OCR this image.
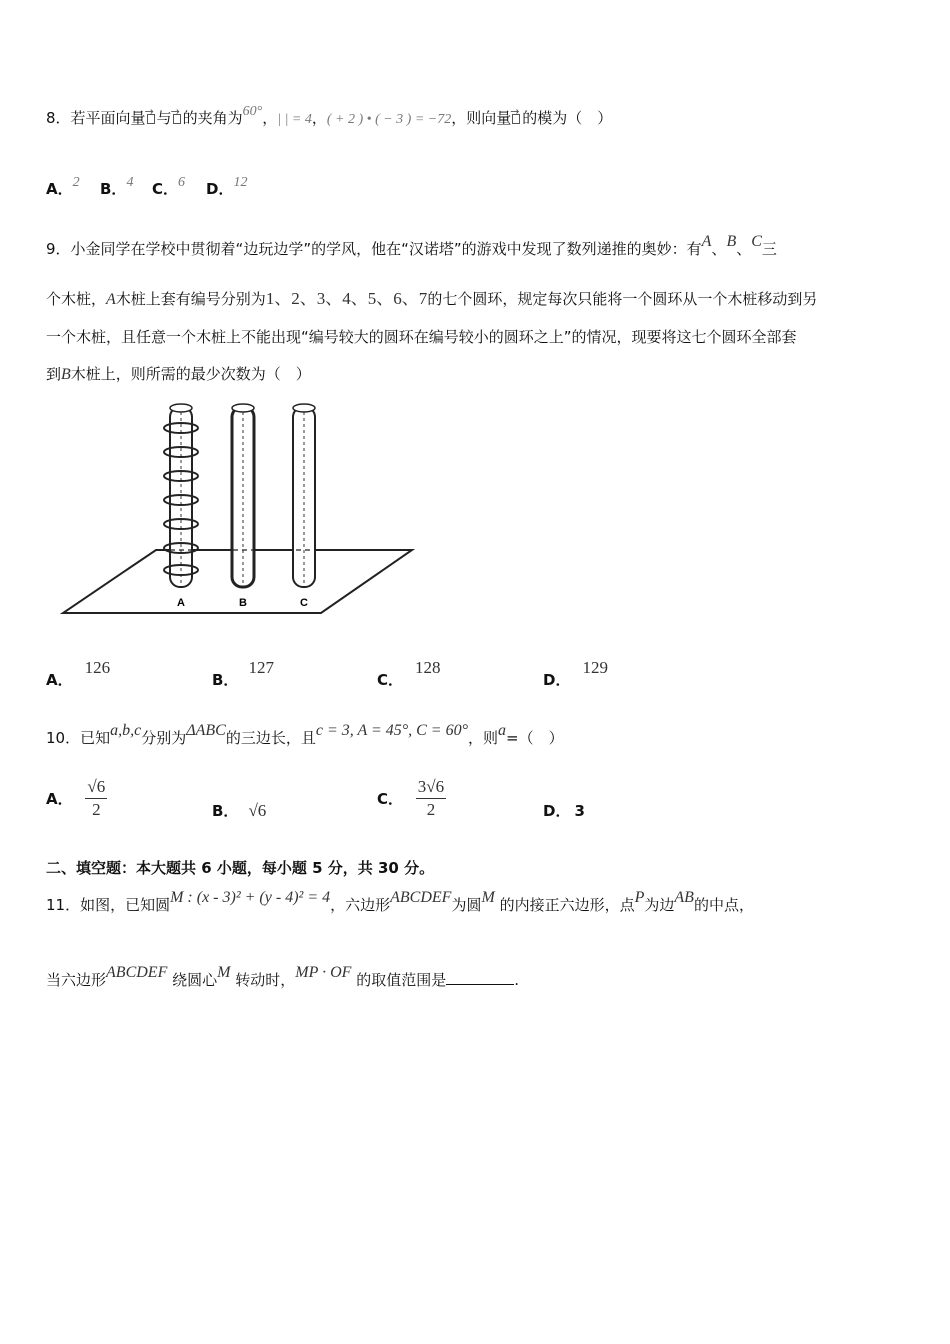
8．若平面向量 → 与 → 的夹角为60°，| | = 4，( + 2 ) • ( − 3 ) = −72，则向量 → 的模为（　）
A．2 B．4 C．6 D．12
9．小金同学在学校中贯彻着“边玩边学”的学风，他在“汉诺塔”的游戏中发现了数列递推的奥妙：有A、B、C三
个木桩，A木桩上套有编号分别为1、2、3、4、5、6、7的七个圆环，规定每次只能将一个圆环从一个木桩移动到另
一个木桩，且任意一个木桩上不能出现“编号较大的圆环在编号较小的圆环之上”的情况，现要将这七个圆环全部套
到B木桩上，则所需的最少次数为（　）
A	B	C
A．126
B．127
C．128
D．129
10．已知a,b,c分别为ΔABC的三边长，且c = 3, A = 45°, C = 60°，则a=（　）
A． $\frac{√6}{2}$	B． √6
C． $\frac{3√6}{2}$	D． 3
二、填空题：本大题共 6 小题，每小题 5 分，共 30 分。
11．如图，已知圆M : (x - 3)² + (y - 4)² = 4，六边形ABCDEF为圆M 的内接正六边形，点P为边AB的中点，
当六边形ABCDEF 绕圆心M 转动时，MP · OF 的取值范围是	.
